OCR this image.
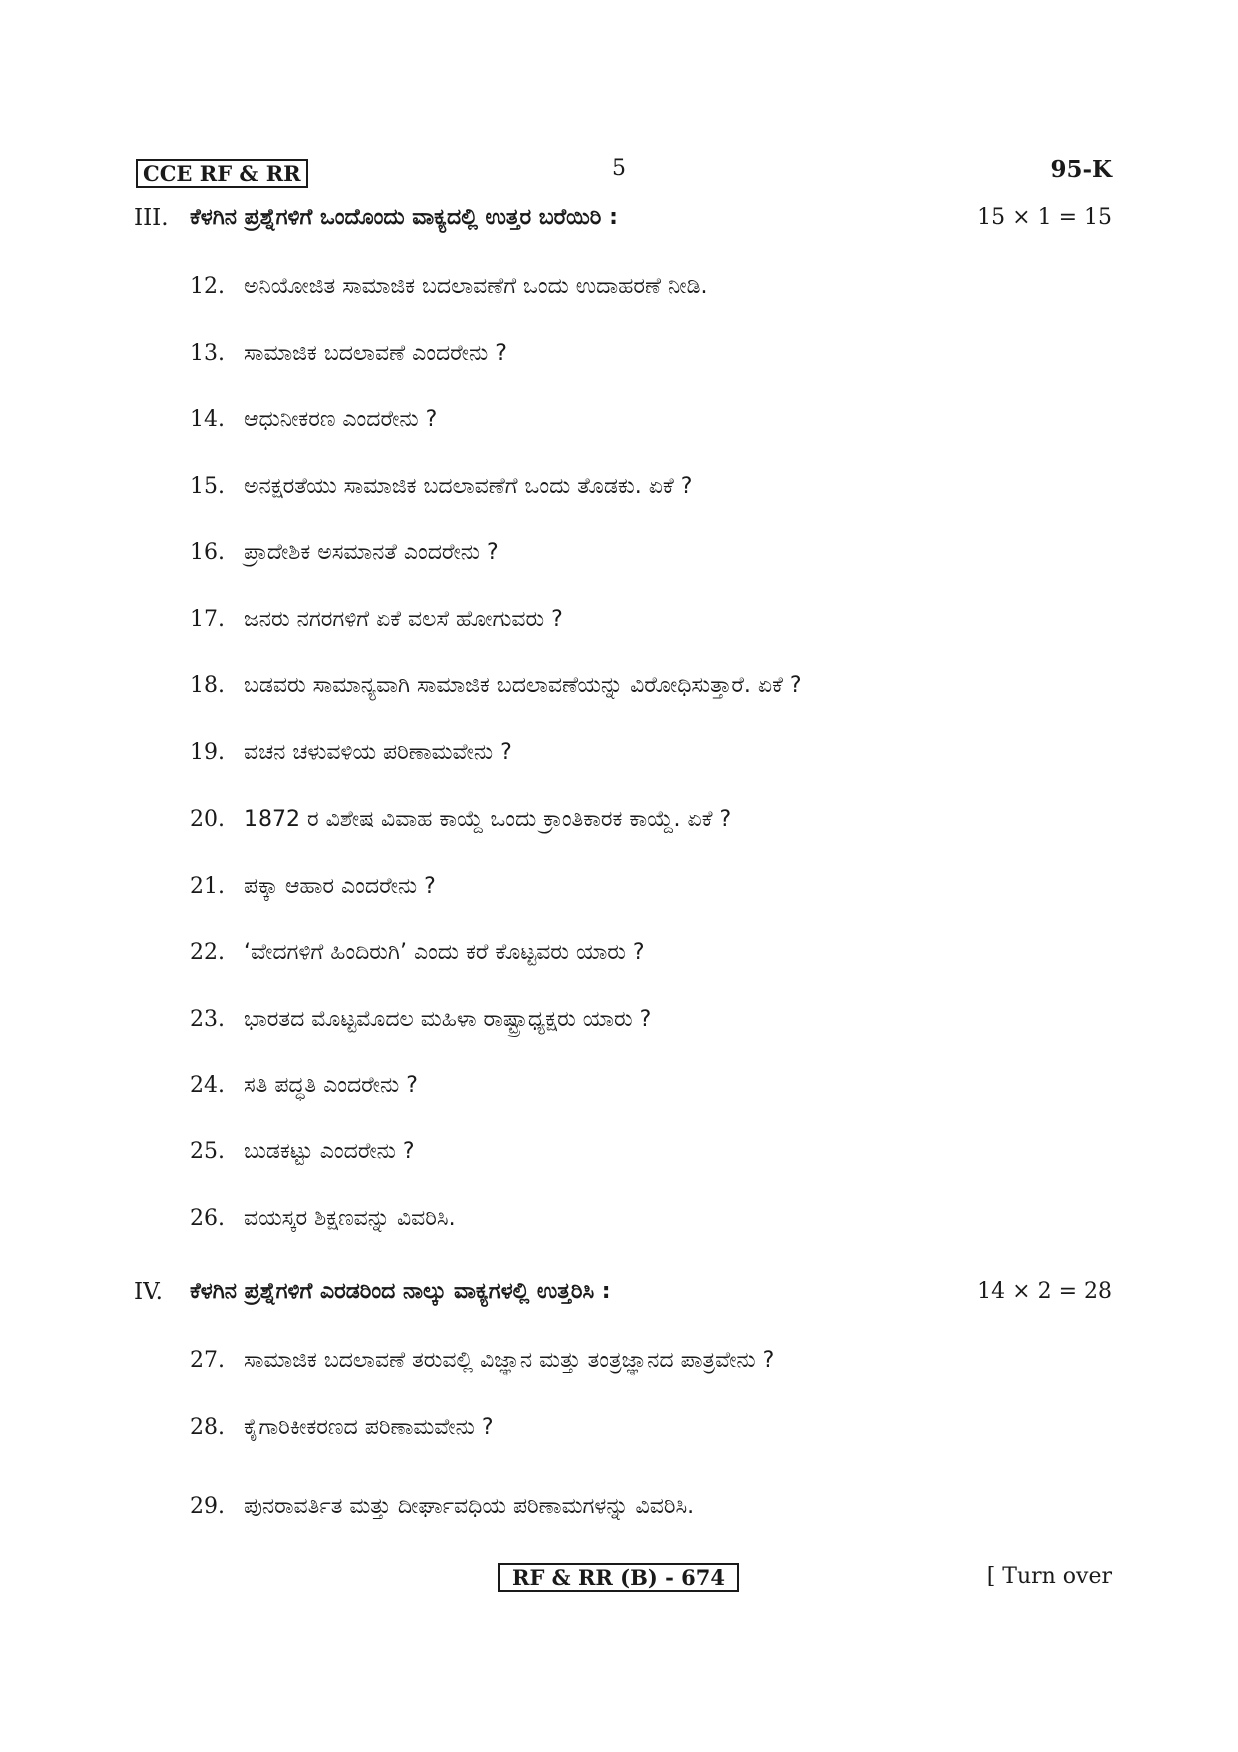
CCE RF & RR	5	95-K
III. ಕೆಳಗಿನ ಪ್ರಶ್ನೆಗಳಿಗೆ ಒಂದೊಂದು ವಾಕ್ಯದಲ್ಲಿ ಉತ್ತರ ಬರೆಯಿರಿ :	15 × 1 = 15
12. ಅನಿಯೋಜಿತ ಸಾಮಾಜಿಕ ಬದಲಾವಣೆಗೆ ಒಂದು ಉದಾಹರಣೆ ನೀಡಿ.
13. ಸಾಮಾಜಿಕ ಬದಲಾವಣೆ ಎಂದರೇನು ?
14. ಆಧುನೀಕರಣ ಎಂದರೇನು ?
15. ಅನಕ್ಷರತೆಯು ಸಾಮಾಜಿಕ ಬದಲಾವಣೆಗೆ ಒಂದು ತೊಡಕು. ಏಕೆ ?
16. ಪ್ರಾದೇಶಿಕ ಅಸಮಾನತೆ ಎಂದರೇನು ?
17. ಜನರು ನಗರಗಳಿಗೆ ಏಕೆ ವಲಸೆ ಹೋಗುವರು ?
18. ಬಡವರು ಸಾಮಾನ್ಯವಾಗಿ ಸಾಮಾಜಿಕ ಬದಲಾವಣೆಯನ್ನು ವಿರೋಧಿಸುತ್ತಾರೆ. ಏಕೆ ?
19. ವಚನ ಚಳುವಳಿಯ ಪರಿಣಾಮವೇನು ?
20. 1872 ರ ವಿಶೇಷ ವಿವಾಹ ಕಾಯ್ದೆ ಒಂದು ಕ್ರಾಂತಿಕಾರಕ ಕಾಯ್ದೆ. ಏಕೆ ?
21. ಪಕ್ಕಾ ಆಹಾರ ಎಂದರೇನು ?
22. ‘ವೇದಗಳಿಗೆ ಹಿಂದಿರುಗಿ’ ಎಂದು ಕರೆ ಕೊಟ್ಟವರು ಯಾರು ?
23. ಭಾರತದ ಮೊಟ್ಟಮೊದಲ ಮಹಿಳಾ ರಾಷ್ಟ್ರಾಧ್ಯಕ್ಷರು ಯಾರು ?
24. ಸತಿ ಪದ್ಧತಿ ಎಂದರೇನು ?
25. ಬುಡಕಟ್ಟು ಎಂದರೇನು ?
26. ವಯಸ್ಕರ ಶಿಕ್ಷಣವನ್ನು ವಿವರಿಸಿ.
IV. ಕೆಳಗಿನ ಪ್ರಶ್ನೆಗಳಿಗೆ ಎರಡರಿಂದ ನಾಲ್ಕು ವಾಕ್ಯಗಳಲ್ಲಿ ಉತ್ತರಿಸಿ :	14 × 2 = 28
27. ಸಾಮಾಜಿಕ ಬದಲಾವಣೆ ತರುವಲ್ಲಿ ವಿಜ್ಞಾನ ಮತ್ತು ತಂತ್ರಜ್ಞಾನದ ಪಾತ್ರವೇನು ?
28. ಕೈಗಾರಿಕೀಕರಣದ ಪರಿಣಾಮವೇನು ?
29. ಪುನರಾವರ್ತಿತ ಮತ್ತು ದೀರ್ಘಾವಧಿಯ ಪರಿಣಾಮಗಳನ್ನು ವಿವರಿಸಿ.
RF & RR (B) - 674	[ Turn over
